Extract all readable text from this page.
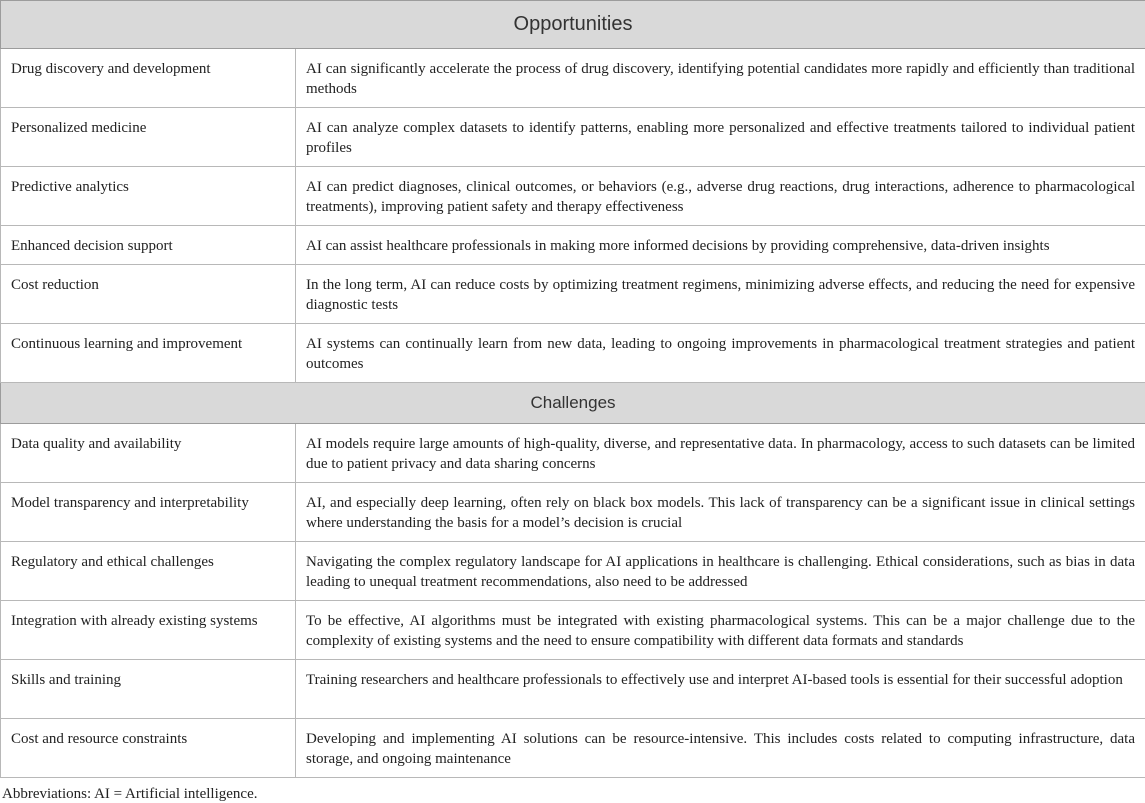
Opportunities	
Drug discovery and development	AI can significantly accelerate the process of drug discovery, identifying potential candidates more rapidly and efficiently than traditional methods
Personalized medicine	AI can analyze complex datasets to identify patterns, enabling more personalized and effective treatments tailored to individual patient profiles
Predictive analytics	AI can predict diagnoses, clinical outcomes, or behaviors (e.g., adverse drug reactions, drug interactions, adherence to pharmacological treatments), improving patient safety and therapy effectiveness
Enhanced decision support	AI can assist healthcare professionals in making more informed decisions by providing comprehensive, data-driven insights
Cost reduction	In the long term, AI can reduce costs by optimizing treatment regimens, minimizing adverse effects, and reducing the need for expensive diagnostic tests
Continuous learning and improvement	AI systems can continually learn from new data, leading to ongoing improvements in pharmacological treatment strategies and patient outcomes
Challenges	
Data quality and availability	AI models require large amounts of high-quality, diverse, and representative data. In pharmacology, access to such datasets can be limited due to patient privacy and data sharing concerns
Model transparency and interpretability	AI, and especially deep learning, often rely on black box models. This lack of transparency can be a significant issue in clinical settings where understanding the basis for a model’s decision is crucial
Regulatory and ethical challenges	Navigating the complex regulatory landscape for AI applications in healthcare is challenging. Ethical considerations, such as bias in data leading to unequal treatment recommendations, also need to be addressed
Integration with already existing systems	To be effective, AI algorithms must be integrated with existing pharmacological systems. This can be a major challenge due to the complexity of existing systems and the need to ensure compatibility with different data formats and standards
Skills and training	Training researchers and healthcare professionals to effectively use and interpret AI-based tools is essential for their successful adoption
Cost and resource constraints	Developing and implementing AI solutions can be resource-intensive. This includes costs related to computing infrastructure, data storage, and ongoing maintenance
Abbreviations: AI = Artificial intelligence.
